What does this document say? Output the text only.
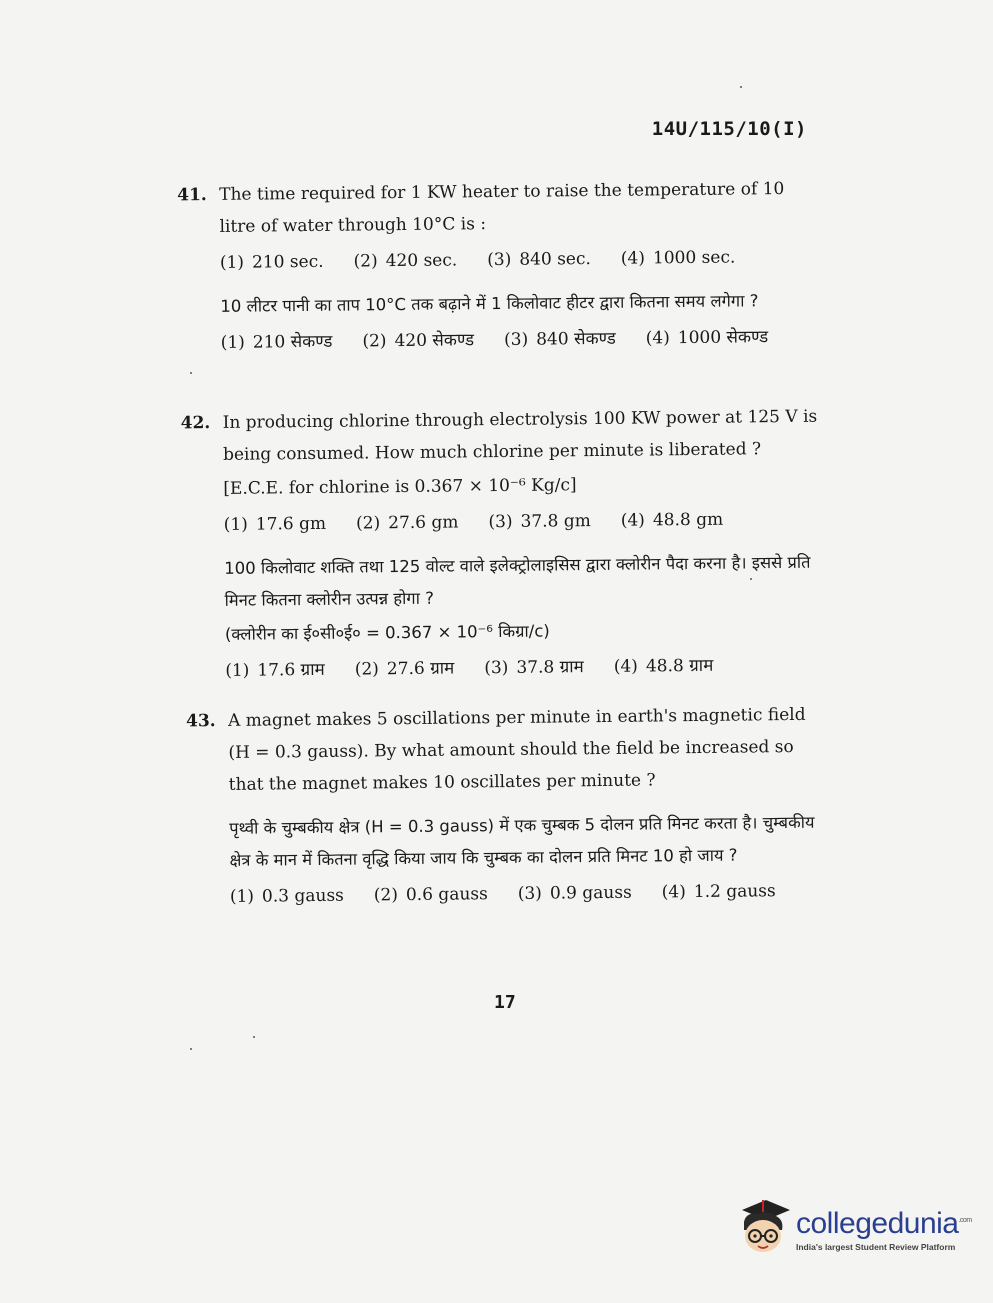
14U/115/10(I)
41. The time required for 1 KW heater to raise the temperature of 10 litre of water through 10°C is :

(1) 210 sec. (2) 420 sec. (3) 840 sec. (4) 1000 sec.

10 लीटर पानी का ताप 10°C तक बढ़ाने में 1 किलोवाट हीटर द्वारा कितना समय लगेगा ?

(1) 210 सेकण्ड (2) 420 सेकण्ड (3) 840 सेकण्ड (4) 1000 सेकण्ड
42. In producing chlorine through electrolysis 100 KW power at 125 V is being consumed. How much chlorine per minute is liberated ?

[E.C.E. for chlorine is 0.367 × 10⁻⁶ Kg/c]

(1) 17.6 gm (2) 27.6 gm (3) 37.8 gm (4) 48.8 gm

100 किलोवाट शक्ति तथा 125 वोल्ट वाले इलेक्ट्रोलाइसिस द्वारा क्लोरीन पैदा करना है। इससे प्रति मिनट कितना क्लोरीन उत्पन्न होगा ?

(क्लोरीन का ई०सी०ई० = 0.367 × 10⁻⁶ किग्रा/c)

(1) 17.6 ग्राम (2) 27.6 ग्राम (3) 37.8 ग्राम (4) 48.8 ग्राम
43. A magnet makes 5 oscillations per minute in earth's magnetic field (H = 0.3 gauss). By what amount should the field be increased so that the magnet makes 10 oscillates per minute ?

पृथ्वी के चुम्बकीय क्षेत्र (H = 0.3 gauss) में एक चुम्बक 5 दोलन प्रति मिनट करता है। चुम्बकीय क्षेत्र के मान में कितना वृद्धि किया जाय कि चुम्बक का दोलन प्रति मिनट 10 हो जाय ?

(1) 0.3 gauss (2) 0.6 gauss (3) 0.9 gauss (4) 1.2 gauss
17
collegedunia$^{.com}$
India's largest Student Review Platform
